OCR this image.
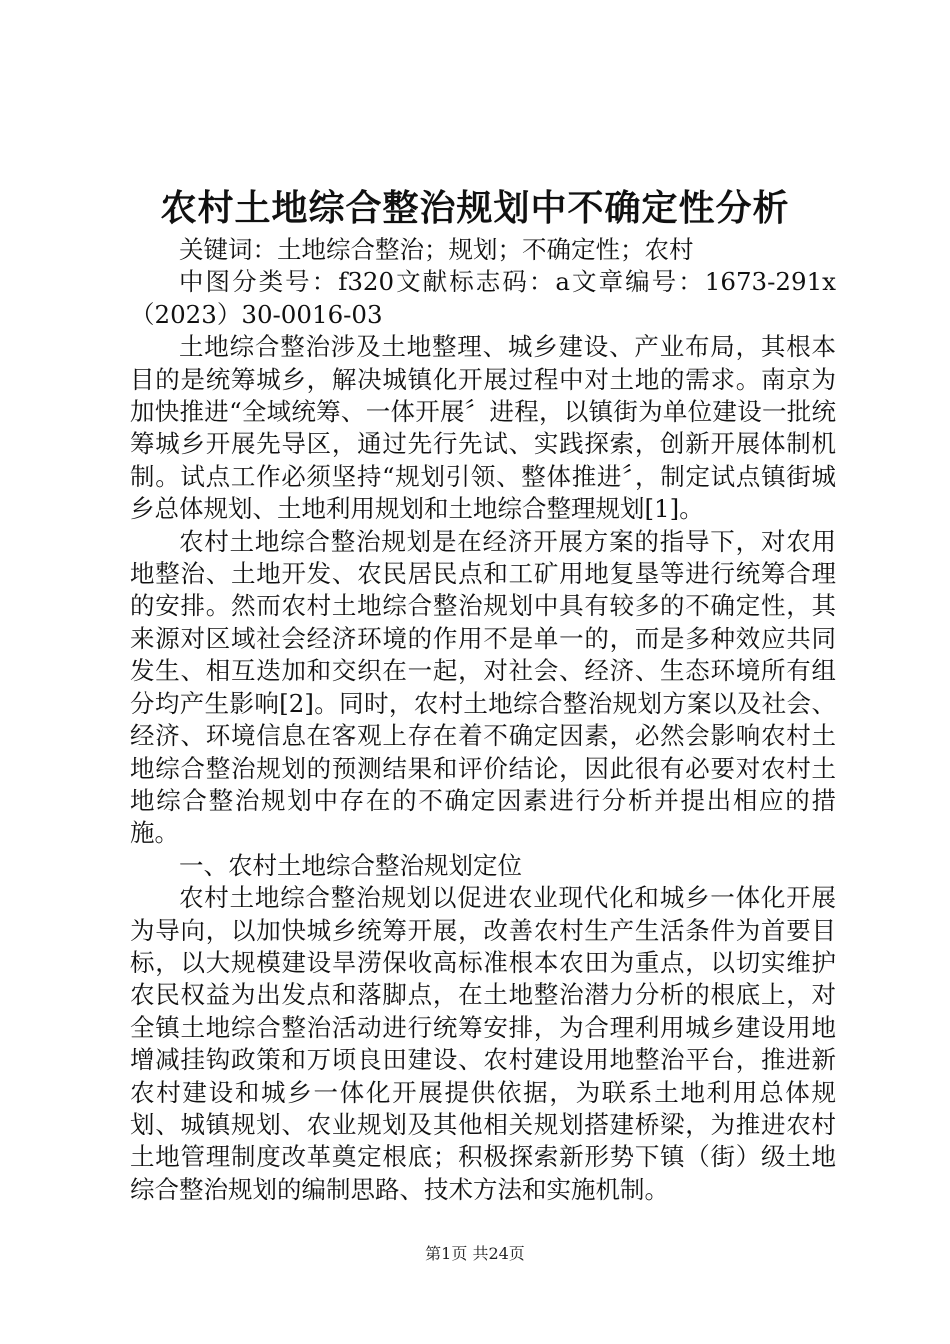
农村土地综合整治规划中不确定性分析

关键词：土地综合整治；规划；不确定性；农村

中图分类号：f320文献标志码：a文章编号：1673-291x（2023）30-0016-03

土地综合整治涉及土地整理、城乡建设、产业布局，其根本目的是统筹城乡，解决城镇化开展过程中对土地的需求。南京为加快推进“全域统筹、一体开展〞进程，以镇街为单位建设一批统筹城乡开展先导区，通过先行先试、实践探索，创新开展体制机制。试点工作必须坚持“规划引领、整体推进〞，制定试点镇街城乡总体规划、土地利用规划和土地综合整理规划[1]。

农村土地综合整治规划是在经济开展方案的指导下，对农用地整治、土地开发、农民居民点和工矿用地复垦等进行统筹合理的安排。然而农村土地综合整治规划中具有较多的不确定性，其来源对区域社会经济环境的作用不是单一的，而是多种效应共同发生、相互迭加和交织在一起，对社会、经济、生态环境所有组分均产生影响[2]。同时，农村土地综合整治规划方案以及社会、经济、环境信息在客观上存在着不确定因素，必然会影响农村土地综合整治规划的预测结果和评价结论，因此很有必要对农村土地综合整治规划中存在的不确定因素进行分析并提出相应的措施。

一、农村土地综合整治规划定位

农村土地综合整治规划以促进农业现代化和城乡一体化开展为导向，以加快城乡统筹开展，改善农村生产生活条件为首要目标，以大规模建设旱涝保收高标准根本农田为重点，以切实维护农民权益为出发点和落脚点，在土地整治潜力分析的根底上，对全镇土地综合整治活动进行统筹安排，为合理利用城乡建设用地增减挂钩政策和万顷良田建设、农村建设用地整治平台，推进新农村建设和城乡一体化开展提供依据，为联系土地利用总体规划、城镇规划、农业规划及其他相关规划搭建桥梁，为推进农村土地管理制度改革奠定根底；积极探索新形势下镇（街）级土地综合整治规划的编制思路、技术方法和实施机制。

第1页 共24页
